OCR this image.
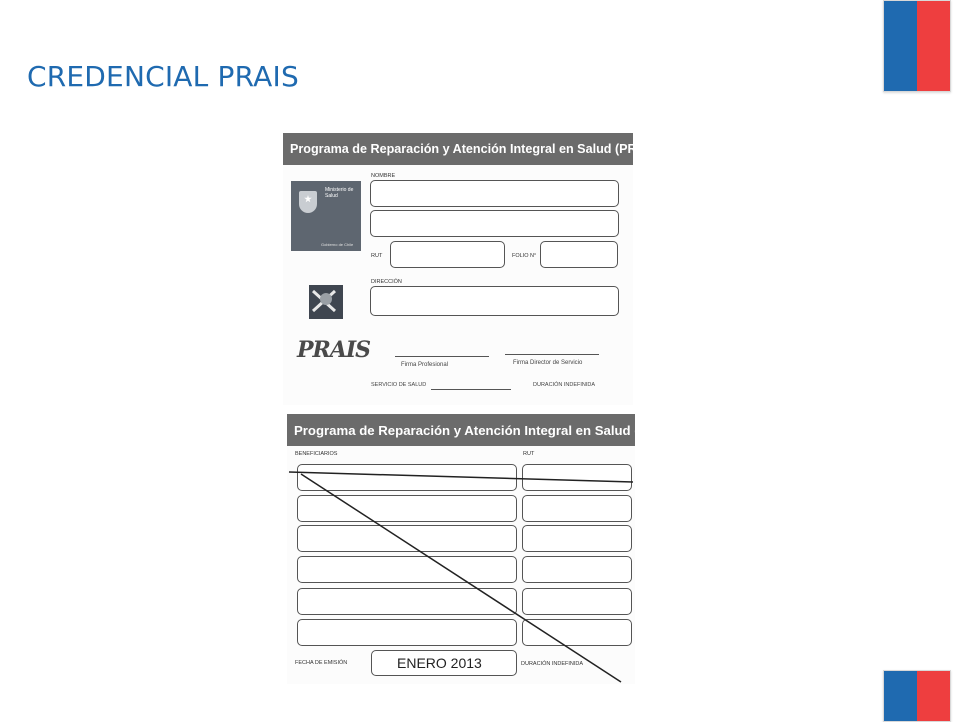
CREDENCIAL PRAIS
Programa de Reparación y Atención Integral en Salud (PRAIS)
Ministerio de Salud
Gobierno de Chile
PRAIS
NOMBRE
RUT	FOLIO N°
DIRECCIÓN
Firma Profesional	Firma Director de Servicio
SERVICIO DE SALUD	DURACIÓN INDEFINIDA
Programa de Reparación y Atención Integral en Salud (PRAIS)
BENEFICIARIOS	RUT
FECHA DE EMISIÓN	ENERO 2013	DURACIÓN INDEFINIDA
